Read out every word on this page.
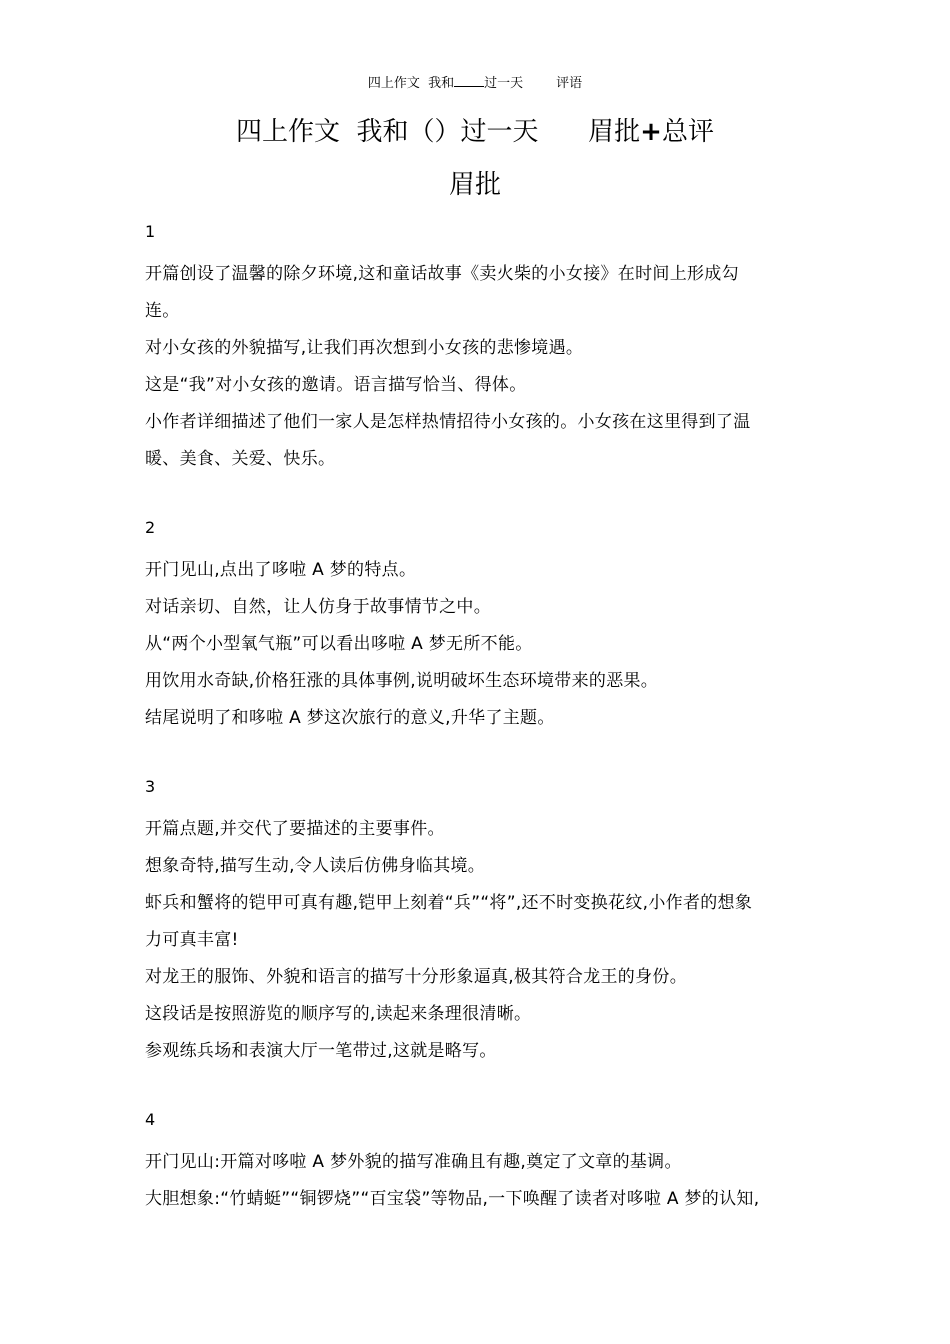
四上作文  我和 过一天        评语
四上作文  我和（）过一天      眉批+总评
眉批
1
开篇创设了温馨的除夕环境,这和童话故事《卖火柴的小女接》在时间上形成勾
连。
对小女孩的外貌描写,让我们再次想到小女孩的悲惨境遇。
这是“我”对小女孩的邀请。语言描写恰当、得体。
小作者详细描述了他们一家人是怎样热情招待小女孩的。小女孩在这里得到了温
暖、美食、关爱、快乐。
2
开门见山,点出了哆啦 A 梦的特点。
对话亲切、自然，让人仿身于故事情节之中。
从“两个小型氧气瓶”可以看出哆啦 A 梦无所不能。
用饮用水奇缺,价格狂涨的具体事例,说明破坏生态环境带来的恶果。
结尾说明了和哆啦 A 梦这次旅行的意义,升华了主题。
3
开篇点题,并交代了要描述的主要事件。
想象奇特,描写生动,令人读后仿佛身临其境。
虾兵和蟹将的铠甲可真有趣,铠甲上刻着“兵”“将”,还不时变换花纹,小作者的想象
力可真丰富!
对龙王的服饰、外貌和语言的描写十分形象逼真,极其符合龙王的身份。
这段话是按照游览的顺序写的,读起来条理很清晰。
参观练兵场和表演大厅一笔带过,这就是略写。
4
开门见山:开篇对哆啦 A 梦外貌的描写准确且有趣,奠定了文章的基调。
大胆想象:“竹蜻蜓”“铜锣烧”“百宝袋”等物品,一下唤醒了读者对哆啦 A 梦的认知,
